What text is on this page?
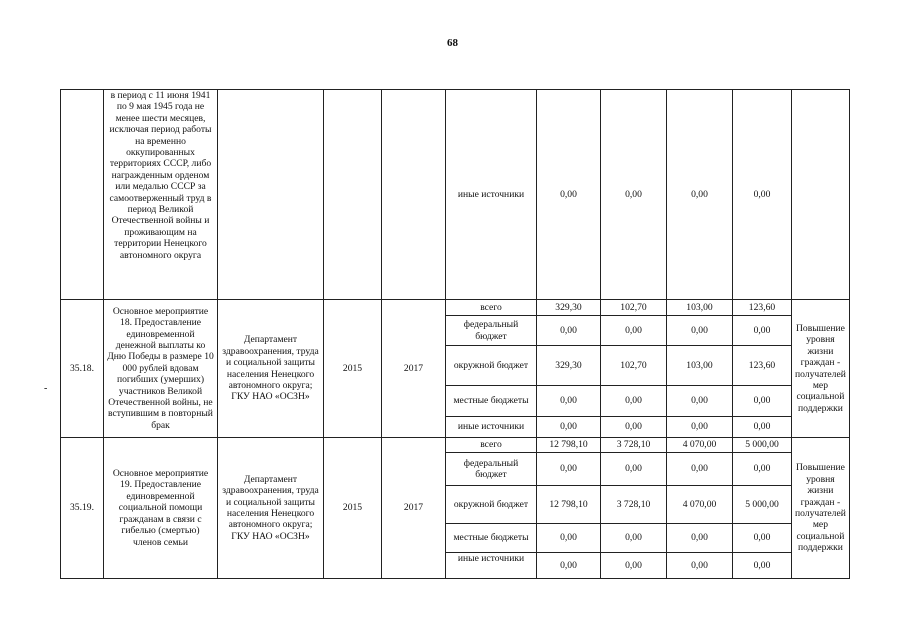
68
-
	в период с 11 июня 1941 по 9 мая 1945 года не менее шести месяцев, исключая период работы на временно оккупированных территориях СССР, либо награжденным орденом или медалью СССР за самоотверженный труд в период Великой Отечественной войны и проживающим на территории Ненецкого автономного округа				иные источники	0,00	0,00	0,00	0,00	
35.18.	Основное мероприятие 18. Предоставление единовременной денежной выплаты ко Дню Победы в размере 10 000 рублей вдовам погибших (умерших) участников Великой Отечественной войны, не вступившим в повторный брак	Департамент здравоохранения, труда и социальной защиты населения Ненецкого автономного округа; ГКУ НАО «ОСЗН»	2015	2017	всего	329,30	102,70	103,00	123,60	Повышение уровня жизни граждан - получателей мер социальной поддержки
					федеральный бюджет	0,00	0,00	0,00	0,00	
					окружной бюджет	329,30	102,70	103,00	123,60	
					местные бюджеты	0,00	0,00	0,00	0,00	
					иные источники	0,00	0,00	0,00	0,00	
35.19.	Основное мероприятие 19. Предоставление единовременной социальной помощи гражданам в связи с гибелью (смертью) членов семьи	Департамент здравоохранения, труда и социальной защиты населения Ненецкого автономного округа; ГКУ НАО «ОСЗН»	2015	2017	всего	12 798,10	3 728,10	4 070,00	5 000,00	Повышение уровня жизни граждан - получателей мер социальной поддержки
					федеральный бюджет	0,00	0,00	0,00	0,00	
					окружной бюджет	12 798,10	3 728,10	4 070,00	5 000,00	
					местные бюджеты	0,00	0,00	0,00	0,00	
					иные источники	0,00	0,00	0,00	0,00	
